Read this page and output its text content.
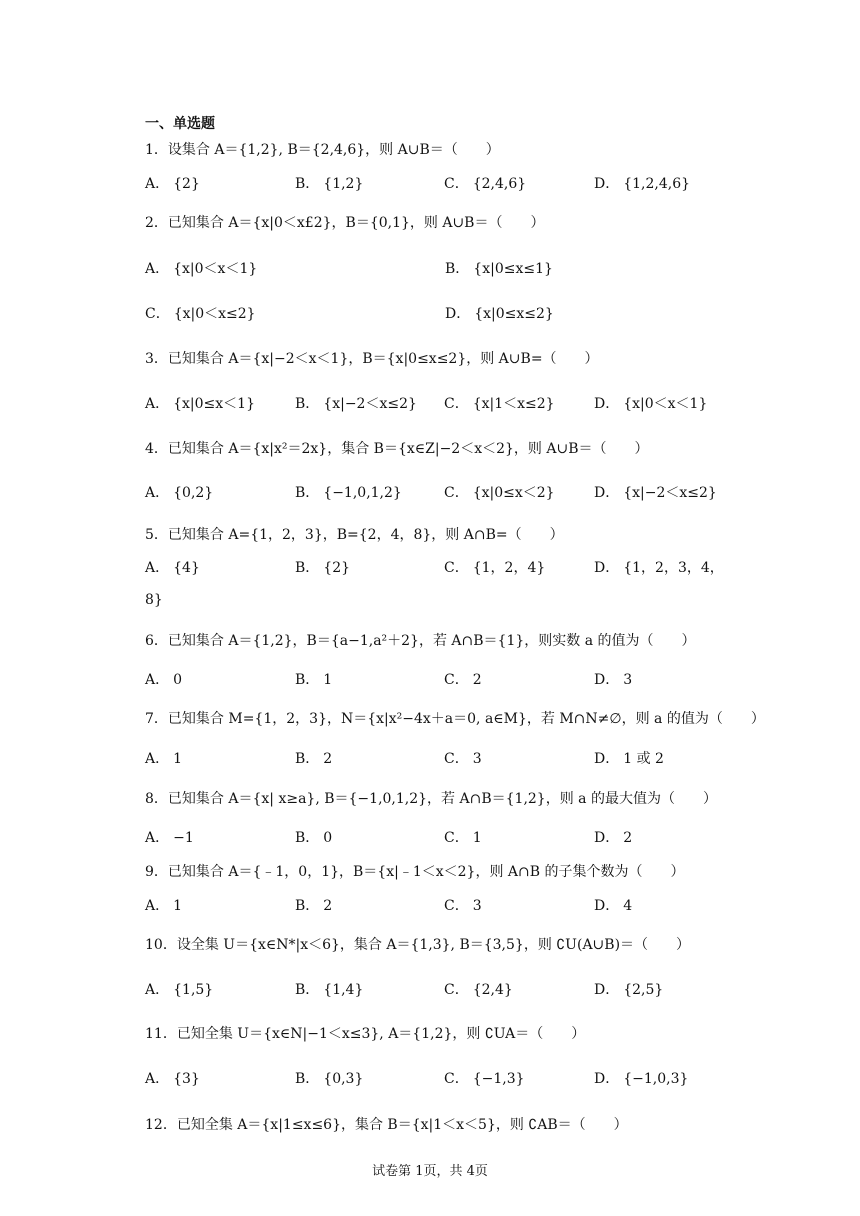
一、单选题
1．设集合 A＝{1,2}, B＝{2,4,6}，则 A∪B＝（　　）
A． {2}	B． {1,2}	C． {2,4,6}	D． {1,2,4,6}
2．已知集合 A＝{x|0＜x£2}，B＝{0,1}，则 A∪B＝（　　）
A． {x|0＜x＜1}	B． {x|0≤x≤1}
C． {x|0＜x≤2}	D． {x|0≤x≤2}
3．已知集合 A＝{x|−2＜x＜1}，B＝{x|0≤x≤2}，则 A∪B=（　　）
A． {x|0≤x＜1}	B． {x|−2＜x≤2} C． {x|1＜x≤2}	D． {x|0＜x＜1}
4．已知集合 A＝{x|x²＝2x}，集合 B＝{x∈Z|−2＜x＜2}，则 A∪B＝（　　）
A． {0,2}	B． {−1,0,1,2}	C． {x|0≤x＜2}	D． {x|−2＜x≤2}
5．已知集合 A={1，2，3}，B={2，4，8}，则 A∩B=（　　）
A． {4}	B． {2}	C． {1，2，4}	D． {1，2，3，4，
8}
6．已知集合 A＝{1,2}，B＝{a−1,a²＋2}，若 A∩B＝{1}，则实数 a 的值为（　　）
A． 0	B． 1	C． 2	D． 3
7．已知集合 M={1，2，3}，N＝{x|x²−4x＋a＝0, a∈M}，若 M∩N≠∅，则 a 的值为（　　）
A． 1	B． 2	C． 3	D． 1 或 2
8．已知集合 A＝{x| x≥a}, B＝{−1,0,1,2}，若 A∩B＝{1,2}，则 a 的最大值为（　　）
A． −1	B． 0	C． 1	D． 2
9．已知集合 A＝{﹣1，0，1}，B＝{x|﹣1＜x＜2}，则 A∩B 的子集个数为（　　）
A． 1	B． 2	C． 3	D． 4
10．设全集 U＝{x∈N*|x＜6}，集合 A＝{1,3}, B＝{3,5}，则 ∁U(A∪B)＝（　　）
A． {1,5}	B． {1,4}	C． {2,4}	D． {2,5}
11．已知全集 U＝{x∈N|−1＜x≤3}, A＝{1,2}，则 ∁UA＝（　　）
A． {3}	B． {0,3}	C． {−1,3}	D． {−1,0,3}
12．已知全集 A＝{x|1≤x≤6}，集合 B＝{x|1＜x＜5}，则 ∁AB＝（　　）
试卷第 1页，共 4页
